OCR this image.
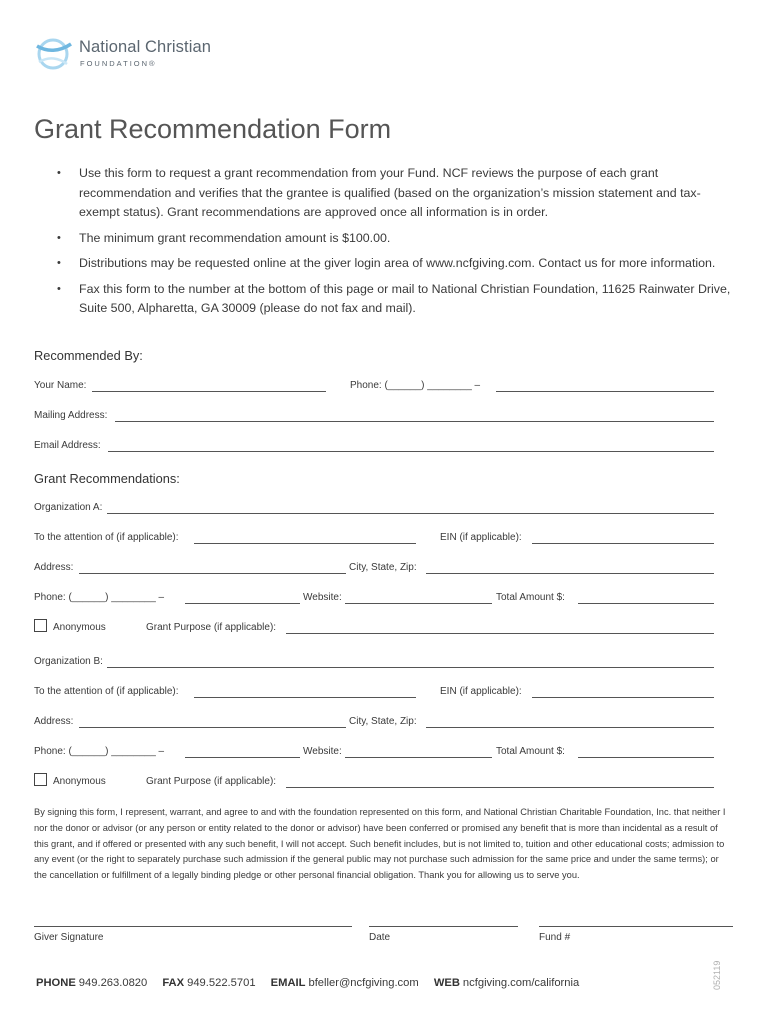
National Christian
FOUNDATION®
Grant Recommendation Form
• Use this form to request a grant recommendation from your Fund. NCF reviews the purpose of each grant recommendation and verifies that the grantee is qualified (based on the organization’s mission statement and tax-exempt status). Grant recommendations are approved once all information is in order.
• The minimum grant recommendation amount is $100.00.
• Distributions may be requested online at the giver login area of www.ncfgiving.com. Contact us for more information.
• Fax this form to the number at the bottom of this page or mail to National Christian Foundation, 11625 Rainwater Drive, Suite 500, Alpharetta, GA 30009 (please do not fax and mail).
Recommended By:
Your Name:	Phone: (______) ________ –
Mailing Address:
Email Address:
Grant Recommendations:
Organization A:
To the attention of (if applicable):	EIN (if applicable):
Address:	City, State, Zip:
Phone: (______) ________ –	Website:	Total Amount $:
Anonymous	Grant Purpose (if applicable):
Organization B:
To the attention of (if applicable):	EIN (if applicable):
Address:	City, State, Zip:
Phone: (______) ________ –	Website:	Total Amount $:
Anonymous	Grant Purpose (if applicable):

By signing this form, I represent, warrant, and agree to and with the foundation represented on this form, and National Christian Charitable Foundation, Inc. that neither I nor the donor or advisor (or any person or entity related to the donor or advisor) have been conferred or promised any benefit that is more than incidental as a result of this grant, and if offered or presented with any such benefit, I will not accept. Such benefit includes, but is not limited to, tuition and other educational costs; admission to any event (or the right to separately purchase such admission if the general public may not purchase such admission for the same price and under the same terms); or the cancellation or fulfillment of a legally binding pledge or other personal financial obligation. Thank you for allowing us to serve you.

Giver Signature	Date	Fund #
PHONE 949.263.0820 FAX 949.522.5701 EMAIL bfeller@ncfgiving.com WEB ncfgiving.com/california	052119
